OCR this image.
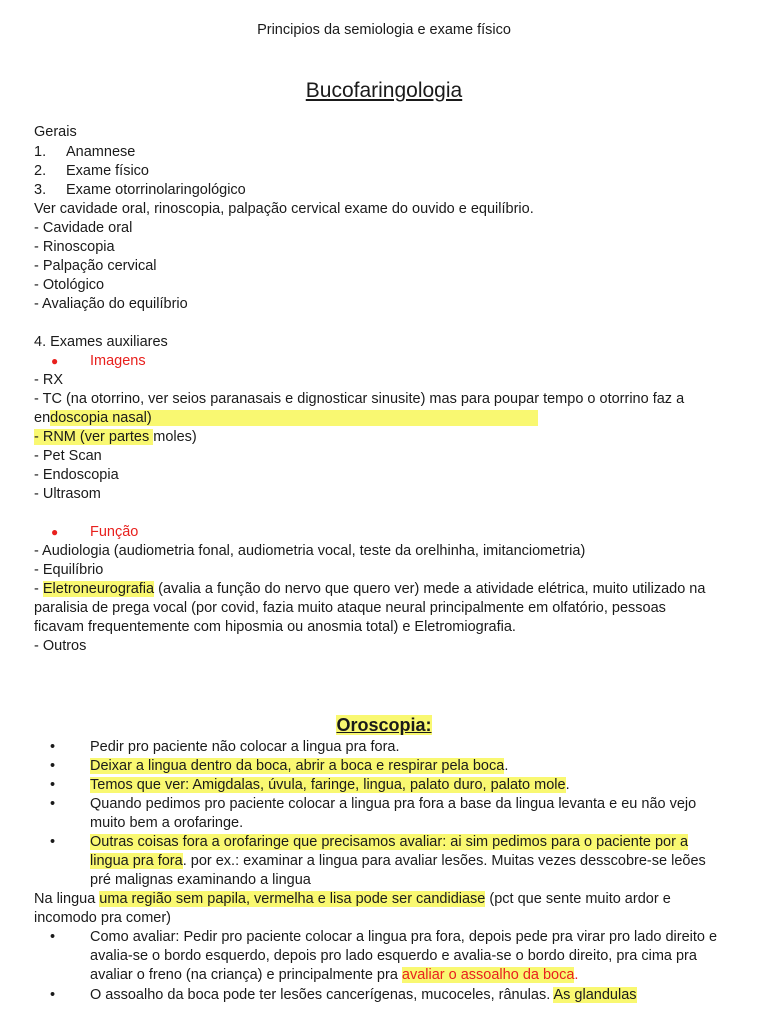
Principios da semiologia e exame físico
Bucofaringologia
Gerais
1. Anamnese
2. Exame físico
3. Exame otorrinolaringológico
Ver cavidade oral, rinoscopia, palpação cervical exame do ouvido e equilíbrio.
- Cavidade oral
- Rinoscopia
- Palpação cervical
- Otológico
- Avaliação do equilíbrio
4. Exames auxiliares
● Imagens
- RX
- TC (na otorrino, ver seios paranasais e dignosticar sinusite) mas para poupar tempo o otorrino faz a
endoscopia nasal)
- RNM (ver partes moles)
- Pet Scan
- Endoscopia
- Ultrasom
● Função
- Audiologia (audiometria fonal, audiometria vocal, teste da orelhinha, imitanciometria)
- Equilíbrio
- Eletroneurografia (avalia a função do nervo que quero ver) mede a atividade elétrica, muito utilizado na
paralisia de prega vocal (por covid, fazia muito ataque neural principalmente em olfatório, pessoas
ficavam frequentemente com hiposmia ou anosmia total) e Eletromiografia.
- Outros
Oroscopia:
• Pedir pro paciente não colocar a lingua pra fora.
• Deixar a lingua dentro da boca, abrir a boca e respirar pela boca.
• Temos que ver: Amigdalas, úvula, faringe, lingua, palato duro, palato mole.
• Quando pedimos pro paciente colocar a lingua pra fora a base da lingua levanta e eu não vejo
muito bem a orofaringe.
• Outras coisas fora a orofaringe que precisamos avaliar: ai sim pedimos para o paciente por a
lingua pra fora. por ex.: examinar a lingua para avaliar lesões. Muitas vezes desscobre-se leões
pré malignas examinando a lingua
Na lingua uma região sem papila, vermelha e lisa pode ser candidiase (pct que sente muito ardor e
incomodo pra comer)
• Como avaliar: Pedir pro paciente colocar a lingua pra fora, depois pede pra virar pro lado direito e
avalia-se o bordo esquerdo, depois pro lado esquerdo e avalia-se o bordo direito, pra cima pra
avaliar o freno (na criança) e principalmente pra avaliar o assoalho da boca.
• O assoalho da boca pode ter lesões cancerígenas, mucoceles, rânulas. As glandulas
